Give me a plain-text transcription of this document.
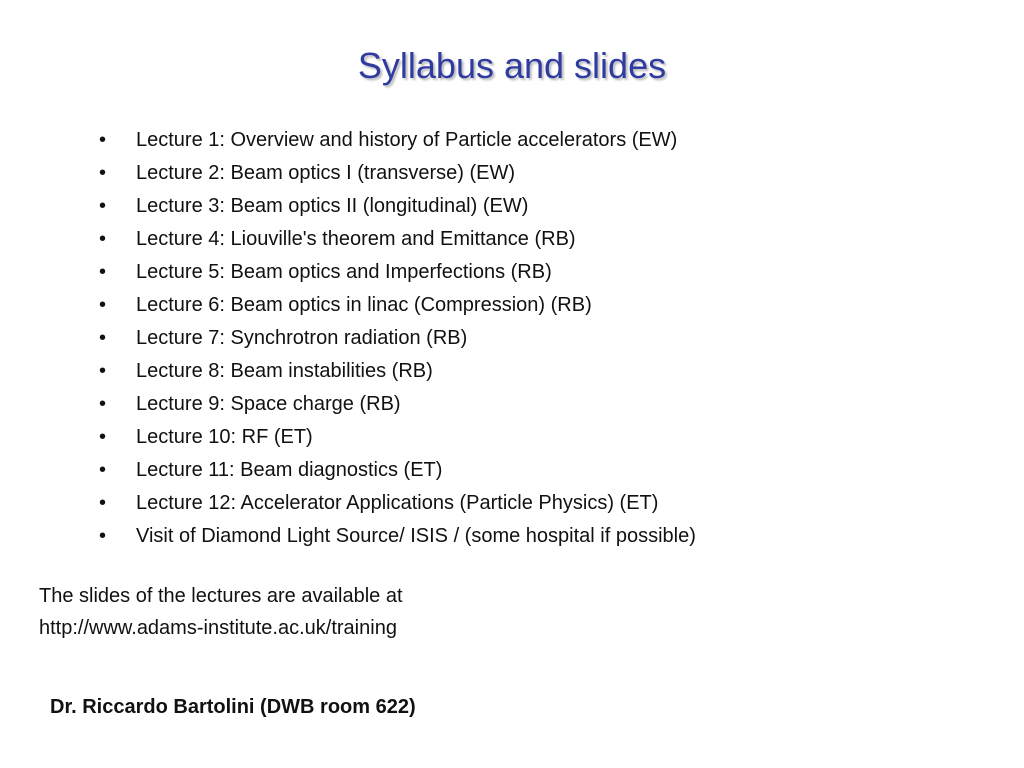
Syllabus and slides
• Lecture 1: Overview and history of Particle accelerators (EW)
• Lecture 2: Beam optics I (transverse) (EW)
• Lecture 3: Beam optics II (longitudinal) (EW)
• Lecture 4: Liouville's theorem and Emittance (RB)
• Lecture 5: Beam optics and Imperfections (RB)
• Lecture 6: Beam optics in linac (Compression) (RB)
• Lecture 7: Synchrotron radiation (RB)
• Lecture 8: Beam instabilities (RB)
• Lecture 9: Space charge (RB)
• Lecture 10: RF (ET)
• Lecture 11: Beam diagnostics (ET)
• Lecture 12: Accelerator Applications (Particle Physics) (ET)
• Visit of Diamond Light Source/ ISIS / (some hospital if possible)
The slides of the lectures are available at
http://www.adams-institute.ac.uk/training
Dr. Riccardo Bartolini (DWB room 622)
